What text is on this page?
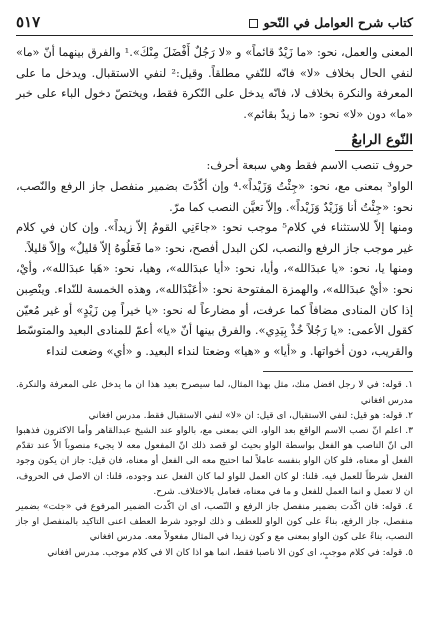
كتاب شرح العوامل في النّحو
٥١٧

المعنى والعمل، نحو: «ما زَيْدٌ قائماً» و «لا رَجُلٌ أَفْضَلَ مِنْكَ».¹ والفرق بينهما أنّ «ما» لنفي الحال بخلاف «لا» فانّه للنّفي مطلقاً. وقيل:² لنفي الاستقبال. ويدخل ما على المعرفة والنكرة بخلاف لا، فانّه يدخل على النّكرة فقط، ويختصّ دخول الباء على خبر «ما» دون «لا» نحو: «ما زيدٌ بقائم».

النّوع الرابعُ

حروف تنصب الاسم فقط وهي سبعة أحرف:

الواو³ بمعنى مع، نحو: «جِئْتُ وَزَيْداً».⁴ وإن أكّدْتَ بضمير منفصل جاز الرفع والنّصب، نحو: «جِئْتُ أنا وَزَيْدٌ وَزَيْداً». وإلاّ تعيَّن النصب كما مرّ.

ومنها إلاّ للاستثناء في كلام⁵ موجب نحو: «جاءَنِي القومُ إلاّ زيداً». وإن كان في كلام غير موجب جاز الرفع والنصب، لكن البدل أفصح، نحو: «ما فَعَلُوهُ إلاّ قليلٌ» وإلاّ قليلاً.

ومنها يا، نحو: «يا عبدَالله»، وأيا، نحو: «أيا عبدَالله»، وهيا، نحو: «هَيا عبدَالله»، وأيْ، نحو: «أيْ عبدَالله»، والهمزة المفتوحة نحو: «أعَبْدَالله»، وهذه الخمسة للنّداء. وينْصِبن إذا كان المنادى مضافاً كما عرفت، أو مضارعاً له نحو: «يا خيراً مِن زَيْدٍ» أو غير مُعيّن كقول الأعمى: «يا رَجُلاً خُذْ بِيَدِي». والفرق بينها أنّ «يا» أعمّ للمنادى البعيد والمتوسّط والقريب، دون أخواتها. و «أيا» و «هيا» وضعتا لنداء البعيد. و «أي» وضعت لنداء

١. قوله: في لا رجل افضل منك، مثل بهذا المثال، لما سيصرح بعيد هذا ان ما يدخل على المعرفة والنكرة. مدرس افغاني

٢. قوله: هو قيل: لنفي الاستقبال، اى قيل: ان «لا» لنفي الاستقبال فقط. مدرس افغاني

٣. اعلم انّ نصب الاسم الواقع بعد الواو، التي بمعنى مع، بالواو عند الشيخ عبدالقاهر وأما الاكثرون فذهبوا الى انّ الناصب هو الفعل بواسطة الواو بحيث لو قصد ذلك انّ المفعول معه لا يجيء منصوباً الاّ عند تقدّم الفعل أو معناه، فلو كان الواو بنفسه عاملاً لما احتيج معه الى الفعل أو معناه، فان قيل: جاز ان يكون وجود الفعل شرطاً للعمل فيه. قلنا: لو كان العمل للواو لما كان الفعل عند وجوده، قلنا: ان الاصل في الحروف، ان لا تعمل و انما العمل للفعل و ما في معناه، فعامل بالاختلاف. شرح.

٤. قوله: فان اكّدت بضمير منفصل جاز الرفع و النّصب، اى ان اكّدت الضمير المرفوع في «جئت» بضمير منفصل، جاز الرفع، بناءً على كون الواو للعطف و ذلك لوجود شرط العطف اعنى التاكيد بالمنفصل او جاز النصب، بناءً على كون الواو بمعنى مع و كون زيدا في المثال مفعولاً معه. مدرس افغاني

٥. قوله: في كلام موجبٍ، اى كون الا ناصبا فقط، انما هو اذا كان الا في كلام موجب. مدرس افغاني
